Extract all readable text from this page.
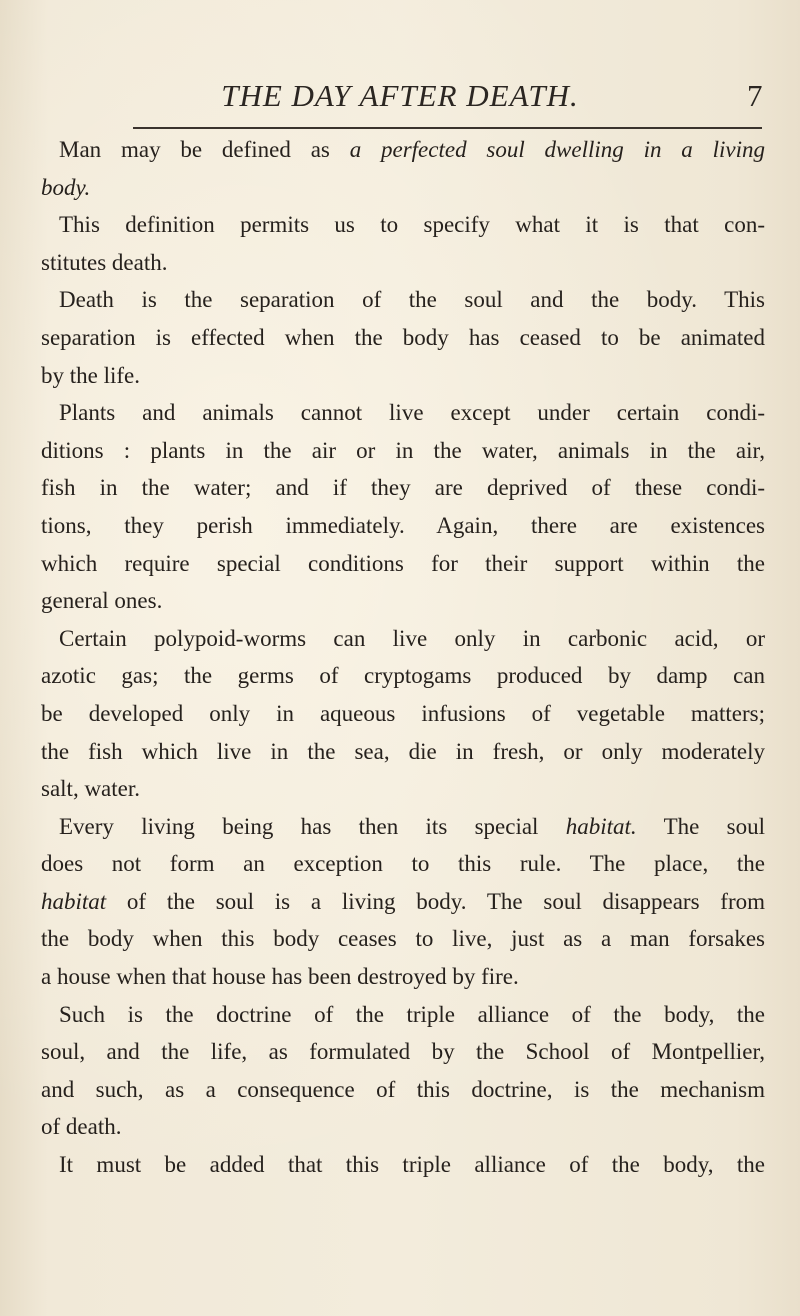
THE DAY AFTER DEATH.	7
Man may be defined as a perfected soul dwelling in a living
body.
This definition permits us to specify what it is that con-
stitutes death.
Death is the separation of the soul and the body. This
separation is effected when the body has ceased to be animated
by the life.
Plants and animals cannot live except under certain condi-
ditions : plants in the air or in the water, animals in the air,
fish in the water; and if they are deprived of these condi-
tions, they perish immediately. Again, there are existences
which require special conditions for their support within the
general ones.
Certain polypoid-worms can live only in carbonic acid, or
azotic gas; the germs of cryptogams produced by damp can
be developed only in aqueous infusions of vegetable matters;
the fish which live in the sea, die in fresh, or only moderately
salt, water.
Every living being has then its special habitat. The soul
does not form an exception to this rule. The place, the
habitat of the soul is a living body. The soul disappears from
the body when this body ceases to live, just as a man forsakes
a house when that house has been destroyed by fire.
Such is the doctrine of the triple alliance of the body, the
soul, and the life, as formulated by the School of Montpellier,
and such, as a consequence of this doctrine, is the mechanism
of death.
It must be added that this triple alliance of the body, the
